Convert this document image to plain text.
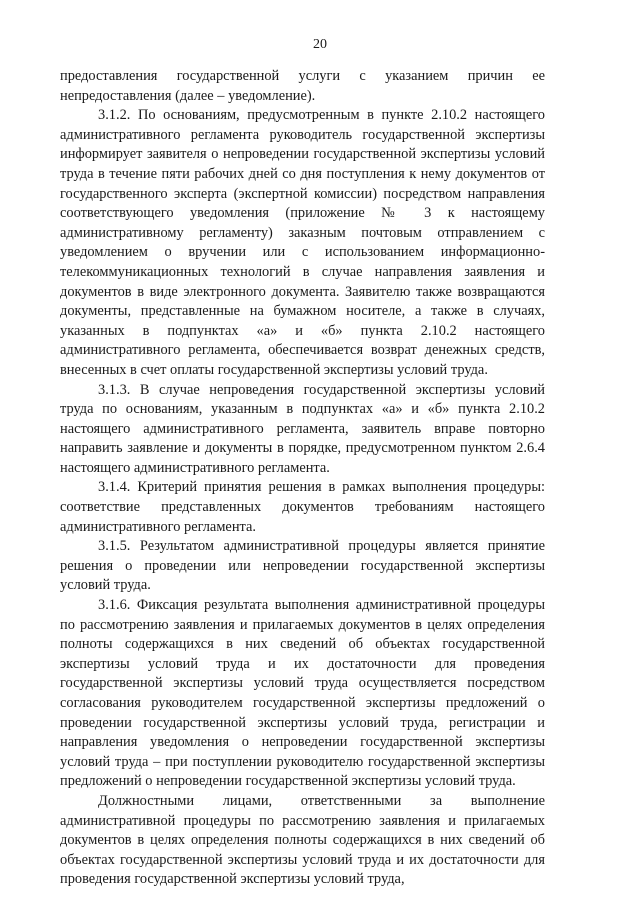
20

предоставления государственной услуги с указанием причин ее непредоставления (далее – уведомление).

3.1.2. По основаниям, предусмотренным в пункте 2.10.2 настоящего административного регламента руководитель государственной экспертизы информирует заявителя о непроведении государственной экспертизы условий труда в течение пяти рабочих дней со дня поступления к нему документов от государственного эксперта (экспертной комиссии) посредством направления соответствующего уведомления (приложение № 3 к настоящему административному регламенту) заказным почтовым отправлением с уведомлением о вручении или с использованием информационно-телекоммуникационных технологий в случае направления заявления и документов в виде электронного документа. Заявителю также возвращаются документы, представленные на бумажном носителе, а также в случаях, указанных в подпунктах «а» и «б» пункта 2.10.2 настоящего административного регламента, обеспечивается возврат денежных средств, внесенных в счет оплаты государственной экспертизы условий труда.

3.1.3. В случае непроведения государственной экспертизы условий труда по основаниям, указанным в подпунктах «а» и «б» пункта 2.10.2 настоящего административного регламента, заявитель вправе повторно направить заявление и документы в порядке, предусмотренном пунктом 2.6.4 настоящего административного регламента.

3.1.4. Критерий принятия решения в рамках выполнения процедуры: соответствие представленных документов требованиям настоящего административного регламента.

3.1.5. Результатом административной процедуры является принятие решения о проведении или непроведении государственной экспертизы условий труда.

3.1.6. Фиксация результата выполнения административной процедуры по рассмотрению заявления и прилагаемых документов в целях определения полноты содержащихся в них сведений об объектах государственной экспертизы условий труда и их достаточности для проведения государственной экспертизы условий труда осуществляется посредством согласования руководителем государственной экспертизы предложений о проведении государственной экспертизы условий труда, регистрации и направления уведомления о непроведении государственной экспертизы условий труда – при поступлении руководителю государственной экспертизы предложений о непроведении государственной экспертизы условий труда.

Должностными лицами, ответственными за выполнение административной процедуры по рассмотрению заявления и прилагаемых документов в целях определения полноты содержащихся в них сведений об объектах государственной экспертизы условий труда и их достаточности для проведения государственной экспертизы условий труда,
